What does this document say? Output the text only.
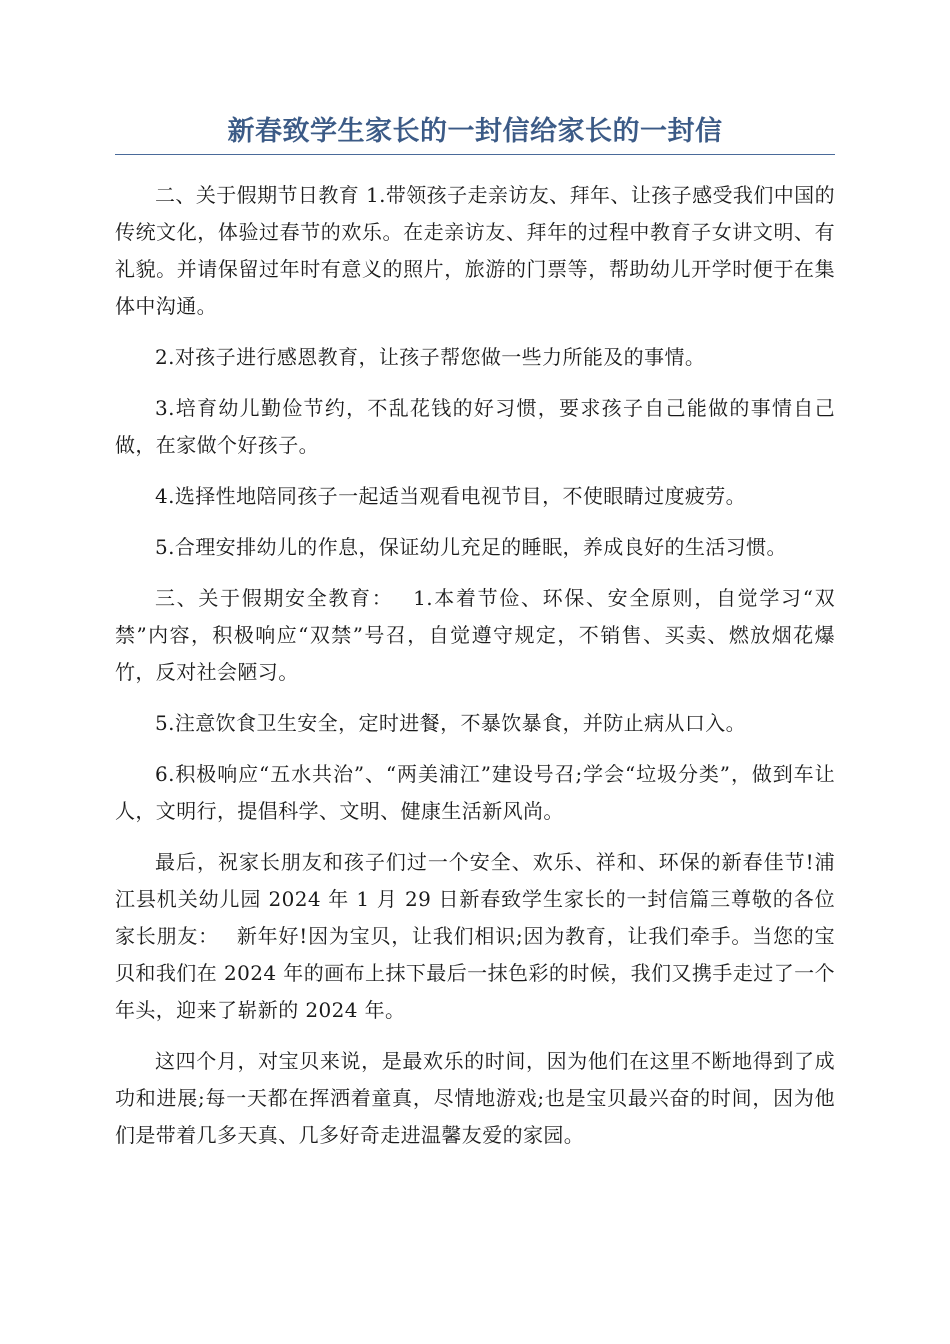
新春致学生家长的一封信给家长的一封信

二、关于假期节日教育 1.带领孩子走亲访友、拜年、让孩子感受我们中国的传统文化，体验过春节的欢乐。在走亲访友、拜年的过程中教育子女讲文明、有礼貌。并请保留过年时有意义的照片，旅游的门票等，帮助幼儿开学时便于在集体中沟通。

2.对孩子进行感恩教育，让孩子帮您做一些力所能及的事情。

3.培育幼儿勤俭节约，不乱花钱的好习惯，要求孩子自己能做的事情自己做，在家做个好孩子。

4.选择性地陪同孩子一起适当观看电视节目，不使眼睛过度疲劳。

5.合理安排幼儿的作息，保证幼儿充足的睡眠，养成良好的生活习惯。

三、关于假期安全教育：　 1.本着节俭、环保、安全原则，自觉学习“双禁”内容，积极响应“双禁”号召，自觉遵守规定，不销售、买卖、燃放烟花爆竹，反对社会陋习。

5.注意饮食卫生安全，定时进餐，不暴饮暴食，并防止病从口入。

6.积极响应“五水共治”、“两美浦江”建设号召;学会“垃圾分类”，做到车让人，文明行，提倡科学、文明、健康生活新风尚。

最后，祝家长朋友和孩子们过一个安全、欢乐、祥和、环保的新春佳节!浦江县机关幼儿园 2024 年 1 月 29 日新春致学生家长的一封信篇三尊敬的各位家长朋友：　 新年好!因为宝贝，让我们相识;因为教育，让我们牵手。当您的宝贝和我们在 2024 年的画布上抹下最后一抹色彩的时候，我们又携手走过了一个年头，迎来了崭新的 2024 年。

这四个月，对宝贝来说，是最欢乐的时间，因为他们在这里不断地得到了成功和进展;每一天都在挥洒着童真，尽情地游戏;也是宝贝最兴奋的时间，因为他们是带着几多天真、几多好奇走进温馨友爱的家园。
